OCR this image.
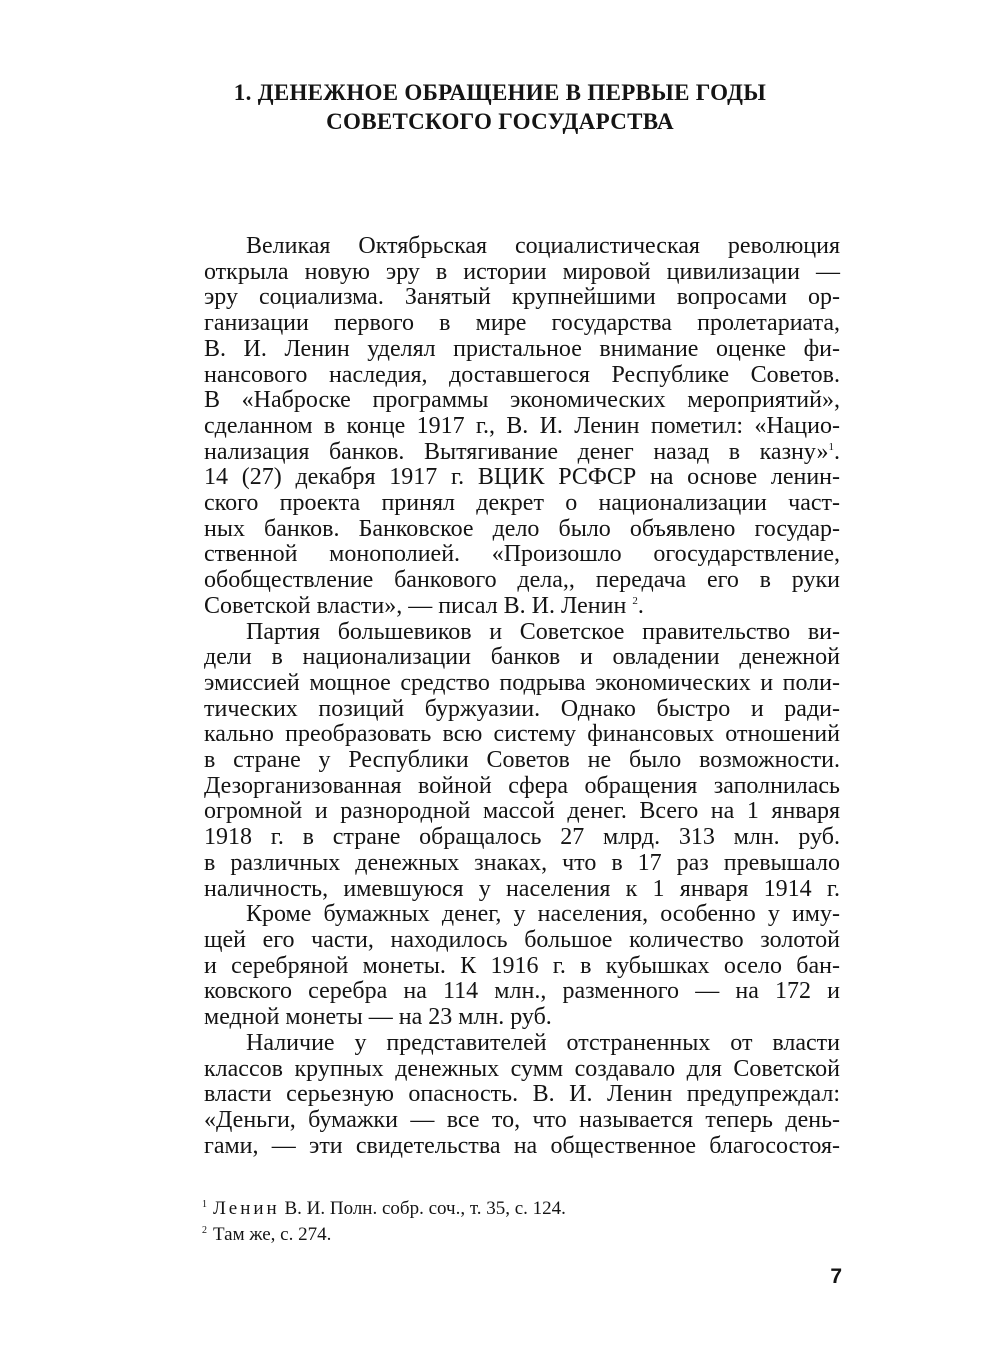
1. ДЕНЕЖНОЕ ОБРАЩЕНИЕ В ПЕРВЫЕ ГОДЫ
СОВЕТСКОГО ГОСУДАРСТВА
Великая Октябрьская социалистическая революция
открыла новую эру в истории мировой цивилизации —
эру социализма. Занятый крупнейшими вопросами ор-
ганизации первого в мире государства пролетариата,
В. И. Ленин уделял пристальное внимание оценке фи-
нансового наследия, доставшегося Республике Советов.
В «Наброске программы экономических мероприятий»,
сделанном в конце 1917 г., В. И. Ленин пометил: «Нацио-
нализация банков. Вытягивание денег назад в казну»$^1$.
14 (27) декабря 1917 г. ВЦИК РСФСР на основе ленин-
ского проекта принял декрет о национализации част-
ных банков. Банковское дело было объявлено государ-
ственной монополией. «Произошло огосударствление,
обобществление банкового дела,, передача его в руки
Советской власти», — писал В. И. Ленин $^2$.
Партия большевиков и Советское правительство ви-
дели в национализации банков и овладении денежной
эмиссией мощное средство подрыва экономических и поли-
тических позиций буржуазии. Однако быстро и ради-
кально преобразовать всю систему финансовых отношений
в стране у Республики Советов не было возможности.
Дезорганизованная войной сфера обращения заполнилась
огромной и разнородной массой денег. Всего на 1 января
1918 г. в стране обращалось 27 млрд. 313 млн. руб.
в различных денежных знаках, что в 17 раз превышало
наличность, имевшуюся у населения к 1 января 1914 г.
Кроме бумажных денег, у населения, особенно у иму-
щей его части, находилось большое количество золотой
и серебряной монеты. К 1916 г. в кубышках осело бан-
ковского серебра на 114 млн., разменного — на 172 и
медной монеты — на 23 млн. руб.
Наличие у представителей отстраненных от власти
классов крупных денежных сумм создавало для Советской
власти серьезную опасность. В. И. Ленин предупреждал:
«Деньги, бумажки — все то, что называется теперь день-
гами, — эти свидетельства на общественное благосостоя-
$^1$ Ленин В. И. Полн. собр. соч., т. 35, с. 124.
$^2$ Там же, с. 274.
7
